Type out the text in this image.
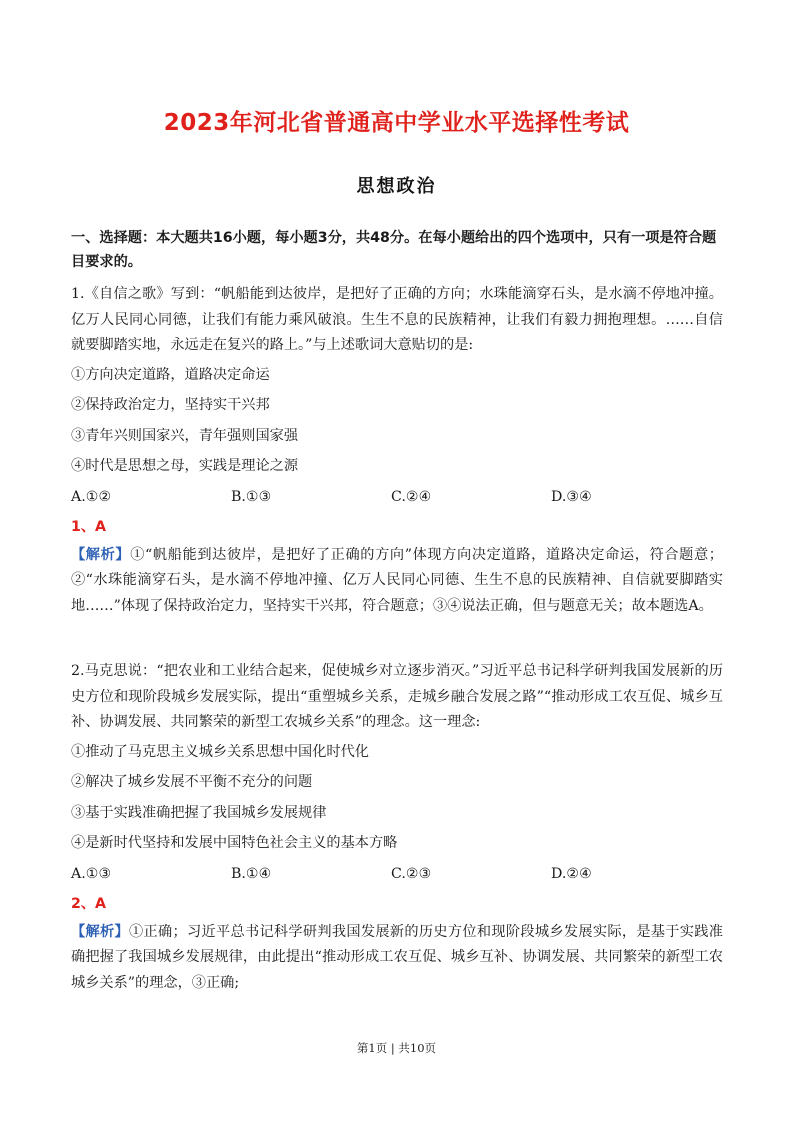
2023年河北省普通高中学业水平选择性考试
思想政治
一、选择题：本大题共16小题，每小题3分，共48分。在每小题给出的四个选项中，只有一项是符合题目要求的。

1.《自信之歌》写到：“帆船能到达彼岸，是把好了正确的方向；水珠能滴穿石头，是水滴不停地冲撞。亿万人民同心同德，让我们有能力乘风破浪。生生不息的民族精神，让我们有毅力拥抱理想。……自信就要脚踏实地，永远走在复兴的路上。”与上述歌词大意贴切的是:

①方向决定道路，道路决定命运

②保持政治定力，坚持实干兴邦

③青年兴则国家兴，青年强则国家强

④时代是思想之母，实践是理论之源

A.①②	B.①③	C.②④	D.③④
1、A

【解析】①“帆船能到达彼岸，是把好了正确的方向”体现方向决定道路，道路决定命运，符合题意；②“水珠能滴穿石头，是水滴不停地冲撞、亿万人民同心同德、生生不息的民族精神、自信就要脚踏实地……”体现了保持政治定力，坚持实干兴邦，符合题意；③④说法正确，但与题意无关；故本题选A。

2.马克思说：“把农业和工业结合起来，促使城乡对立逐步消灭。”习近平总书记科学研判我国发展新的历史方位和现阶段城乡发展实际，提出“重塑城乡关系，走城乡融合发展之路”“推动形成工农互促、城乡互补、协调发展、共同繁荣的新型工农城乡关系”的理念。这一理念:

①推动了马克思主义城乡关系思想中国化时代化

②解决了城乡发展不平衡不充分的问题

③基于实践准确把握了我国城乡发展规律

④是新时代坚持和发展中国特色社会主义的基本方略

A.①③	B.①④	C.②③	D.②④
2、A

【解析】①正确；习近平总书记科学研判我国发展新的历史方位和现阶段城乡发展实际，是基于实践准确把握了我国城乡发展规律，由此提出“推动形成工农互促、城乡互补、协调发展、共同繁荣的新型工农城乡关系”的理念，③正确;

第1页 | 共10页
